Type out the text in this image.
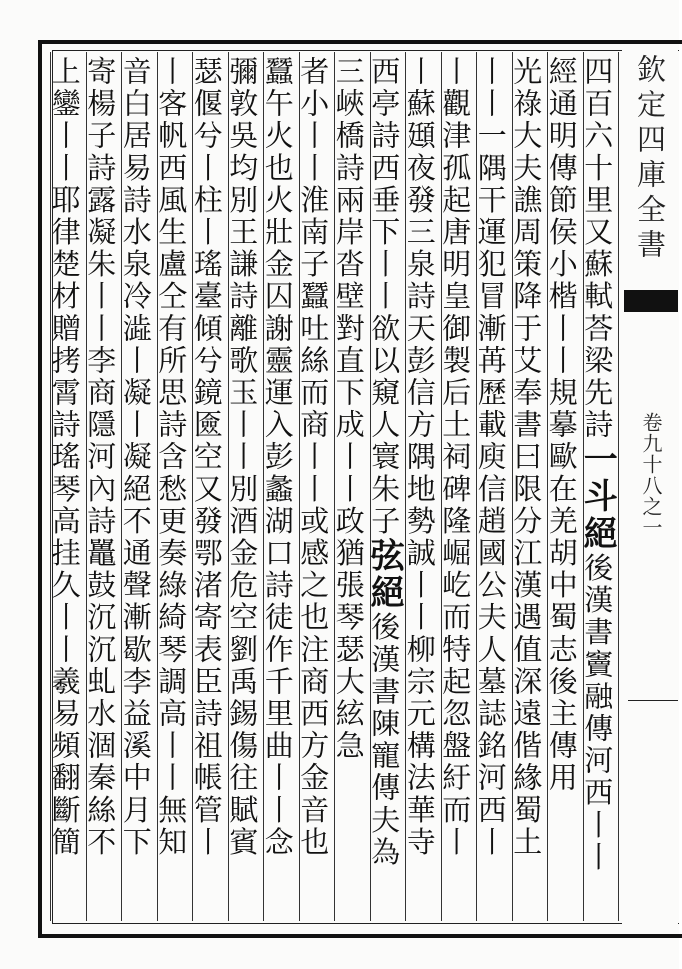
四百六十里又蘇軾荅梁先詩一斗絕後漢書竇融傳河西丨丨
經通明傳節侯小楷丨丨規摹歐在羌胡中蜀志後主傳用
光祿大夫譙周策降于艾奉書曰限分江漢遇值深遠偕緣蜀土
丨丨一隅干運犯冒漸苒歷載庾信趙國公夫人墓誌銘河西丨
丨觀津孤起唐明皇御製后土祠碑隆崛屹而特起忽盤紆而丨
丨蘇頲夜發三泉詩天彭信方隅地勢誠丨丨柳宗元構法華寺
西亭詩西垂下丨丨欲以窺人寰朱子弦絕後漢書陳寵傳夫為
三峽橋詩兩岸沓壁對直下成丨丨政猶張琴瑟大絃急
者小丨丨淮南子蠶吐絲而商丨丨或感之也注商西方金音也
蠶午火也火壯金囚謝靈運入彭蠡湖口詩徒作千里曲丨丨念
彌敦吳均別王謙詩離歌玉丨丨別酒金危空劉禹錫傷往賦賓
瑟偃兮丨柱丨瑤臺傾兮鏡匳空又發鄂渚寄表臣詩祖帳管丨
丨客帆西風生盧仝有所思詩含愁更奏綠綺琴調高丨丨無知
音白居易詩水泉冷澁丨凝丨凝絕不通聲漸歇李益溪中月下
寄楊子詩露凝朱丨丨李商隱河內詩鼉鼓沉沉虬水涸秦絲不
上鑾丨丨耶律楚材贈拷霄詩瑤琴高挂久丨丨羲易頻翻斷簡	欽定四庫全書
卷九十八之一
